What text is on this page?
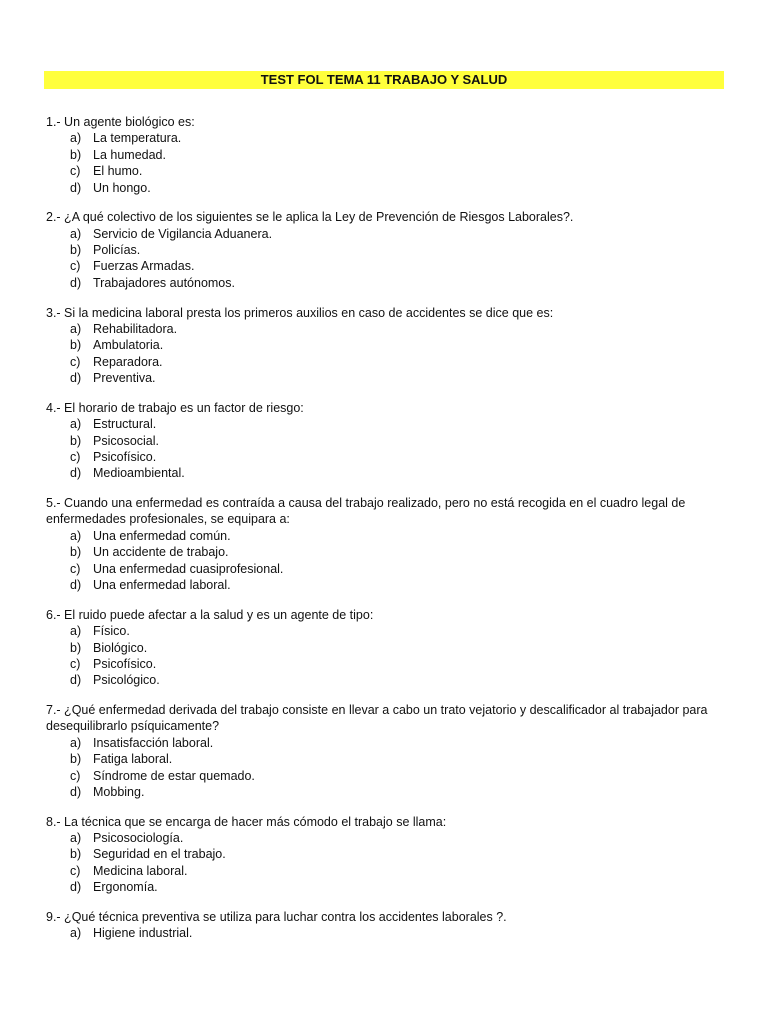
TEST FOL TEMA 11 TRABAJO Y SALUD
1.- Un agente biológico es:
a) La temperatura.
b) La humedad.
c)	El humo.
d) Un hongo.
2.- ¿A qué colectivo de los siguientes se le aplica la Ley de Prevención de Riesgos Laborales?.
a) Servicio de Vigilancia Aduanera.
b) Policías.
c)	Fuerzas Armadas.
d) Trabajadores autónomos.
3.- Si la medicina laboral presta los primeros auxilios en caso de accidentes se dice que es:
a) Rehabilitadora.
b) Ambulatoria.
c)	Reparadora.
d) Preventiva.
4.- El horario de trabajo es un factor de riesgo:
a) Estructural.
b) Psicosocial.
c)	Psicofísico.
d) Medioambiental.
5.- Cuando una enfermedad es contraída a causa del trabajo realizado, pero no está recogida en el cuadro legal de enfermedades profesionales, se equipara a:
a) Una enfermedad común.
b) Un accidente de trabajo.
c)	Una enfermedad cuasiprofesional.
d) Una enfermedad laboral.
6.- El ruido puede afectar a la salud y es un agente de tipo:
a) Físico.
b) Biológico.
c)	Psicofísico.
d) Psicológico.
7.- ¿Qué enfermedad derivada del trabajo consiste en llevar a cabo un trato vejatorio y descalificador al trabajador para desequilibrarlo psíquicamente?
a) Insatisfacción laboral.
b) Fatiga laboral.
c)	Síndrome de estar quemado.
d) Mobbing.
8.- La técnica que se encarga de hacer más cómodo el trabajo se llama:
a) Psicosociología.
b) Seguridad en el trabajo.
c)	Medicina laboral.
d) Ergonomía.
9.- ¿Qué técnica preventiva se utiliza para luchar contra los accidentes laborales ?.
a) Higiene industrial.
